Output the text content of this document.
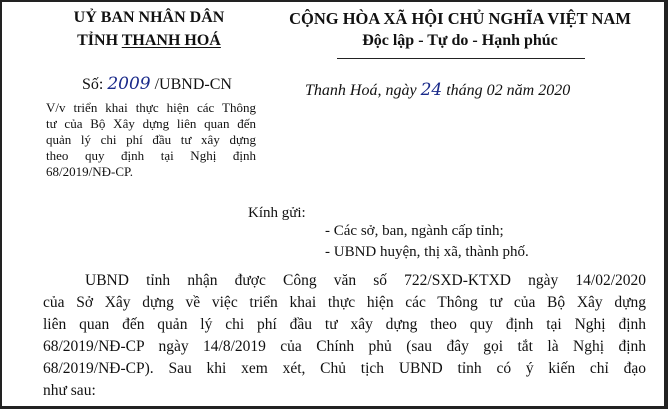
UỶ BAN NHÂN DÂN
TỈNH THANH HOÁ
CỘNG HÒA XÃ HỘI CHỦ NGHĨA VIỆT NAM
Độc lập - Tự do - Hạnh phúc
Số: 2009 /UBND-CN	Thanh Hoá, ngày 24 tháng 02 năm 2020
V/v triển khai thực hiện các Thông
tư của Bộ Xây dựng liên quan đến
quản lý chi phí đầu tư xây dựng
theo quy định tại Nghị định
68/2019/NĐ-CP.
Kính gửi:
- Các sở, ban, ngành cấp tỉnh;
- UBND huyện, thị xã, thành phố.
UBND tỉnh nhận được Công văn số 722/SXD-KTXD ngày 14/02/2020
của Sở Xây dựng về việc triển khai thực hiện các Thông tư của Bộ Xây dựng
liên quan đến quản lý chi phí đầu tư xây dựng theo quy định tại Nghị định
68/2019/NĐ-CP ngày 14/8/2019 của Chính phủ (sau đây gọi tắt là Nghị định
68/2019/NĐ-CP). Sau khi xem xét, Chủ tịch UBND tỉnh có ý kiến chỉ đạo
như sau:
